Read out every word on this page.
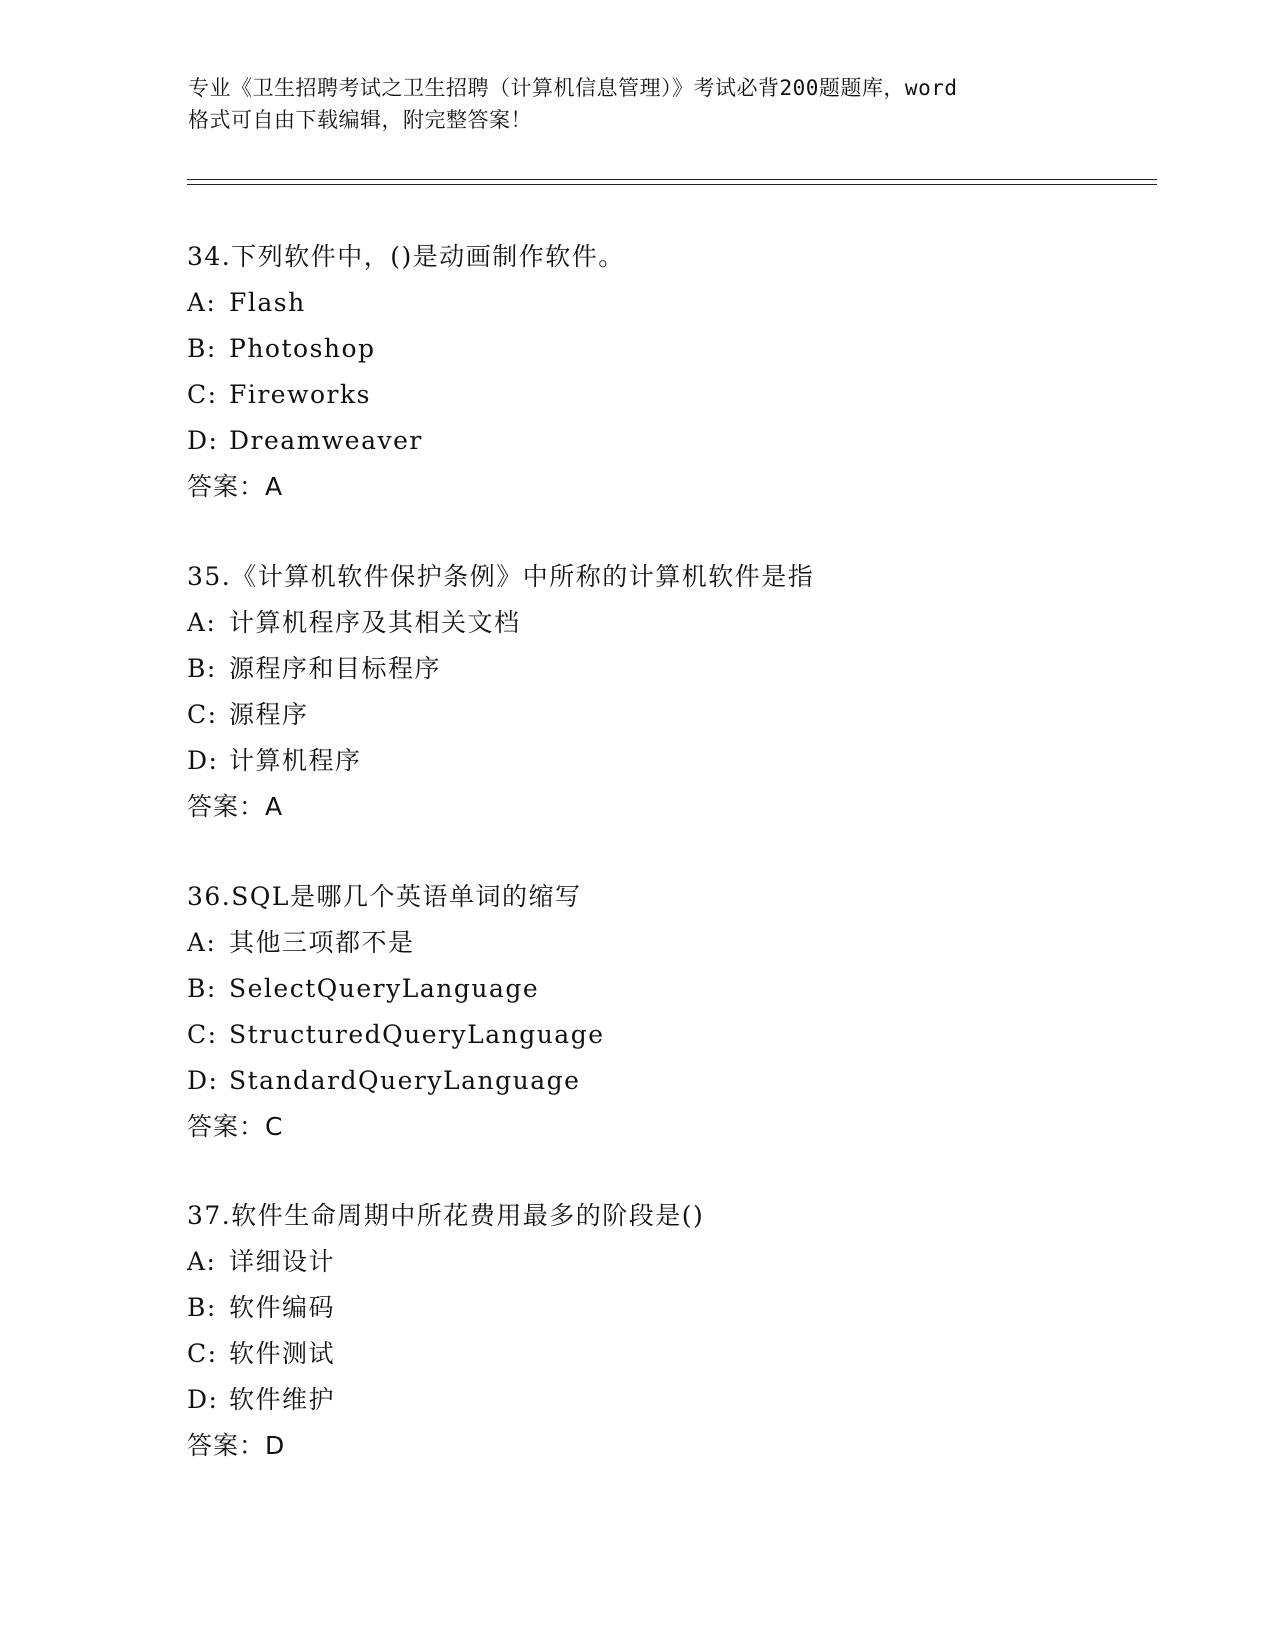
专业《卫生招聘考试之卫生招聘（计算机信息管理）》考试必背200题题库，word
格式可自由下载编辑，附完整答案！
34.下列软件中，()是动画制作软件。
A: Flash
B: Photoshop
C: Fireworks
D: Dreamweaver
答案：A
35.《计算机软件保护条例》中所称的计算机软件是指
A: 计算机程序及其相关文档
B: 源程序和目标程序
C: 源程序
D: 计算机程序
答案：A
36.SQL是哪几个英语单词的缩写
A: 其他三项都不是
B: SelectQueryLanguage
C: StructuredQueryLanguage
D: StandardQueryLanguage
答案：C
37.软件生命周期中所花费用最多的阶段是()
A: 详细设计
B: 软件编码
C: 软件测试
D: 软件维护
答案：D
